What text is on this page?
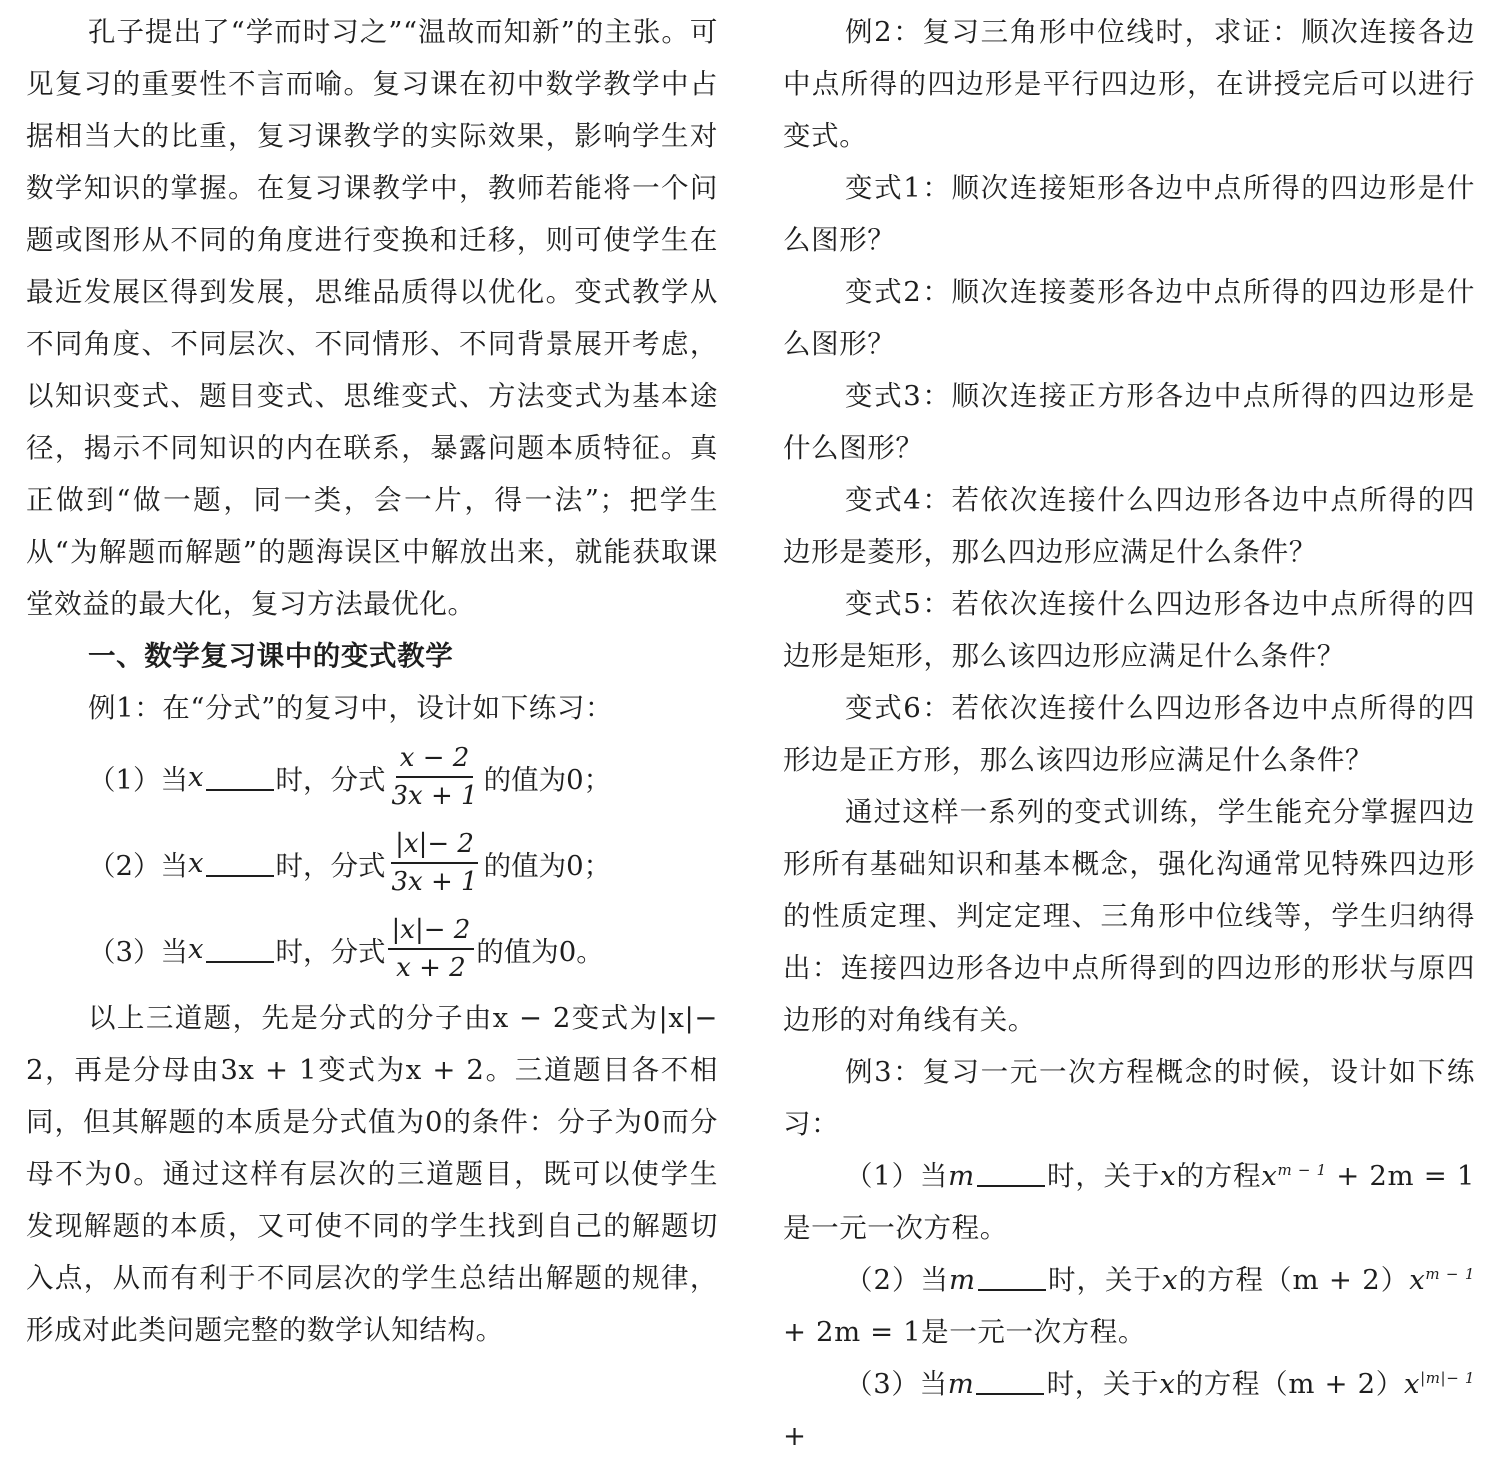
孔子提出了“学而时习之”“温故而知新”的主张。可见复习的重要性不言而喻。复习课在初中数学教学中占据相当大的比重，复习课教学的实际效果，影响学生对数学知识的掌握。在复习课教学中，教师若能将一个问题或图形从不同的角度进行变换和迁移，则可使学生在最近发展区得到发展，思维品质得以优化。变式教学从不同角度、不同层次、不同情形、不同背景展开考虑，以知识变式、题目变式、思维变式、方法变式为基本途径，揭示不同知识的内在联系，暴露问题本质特征。真正做到“做一题，同一类，会一片，得一法”；把学生从“为解题而解题”的题海误区中解放出来，就能获取课堂效益的最大化，复习方法最优化。

一、数学复习课中的变式教学

例1：在“分式”的复习中，设计如下练习：

（1）当 x	时，分式 $\frac{x - 2}{3x + 1}$ 的值为0；
（2）当 x	时，分式 $\frac{|x|- 2}{3x + 1}$ 的值为0；
（3）当 x	时，分式 $\frac{|x|- 2}{x + 2}$ 的值为0。

以上三道题，先是分式的分子由x − 2变式为|x|− 2，再是分母由3x + 1变式为x + 2。三道题目各不相同，但其解题的本质是分式值为0的条件：分子为0而分母不为0。通过这样有层次的三道题目，既可以使学生发现解题的本质，又可使不同的学生找到自己的解题切入点，从而有利于不同层次的学生总结出解题的规律，形成对此类问题完整的数学认知结构。

例2：复习三角形中位线时，求证：顺次连接各边中点所得的四边形是平行四边形，在讲授完后可以进行变式。

变式1：顺次连接矩形各边中点所得的四边形是什么图形？

变式2：顺次连接菱形各边中点所得的四边形是什么图形？

变式3：顺次连接正方形各边中点所得的四边形是什么图形？

变式4：若依次连接什么四边形各边中点所得的四边形是菱形，那么四边形应满足什么条件？

变式5：若依次连接什么四边形各边中点所得的四边形是矩形，那么该四边形应满足什么条件？

变式6：若依次连接什么四边形各边中点所得的四形边是正方形，那么该四边形应满足什么条件？

通过这样一系列的变式训练，学生能充分掌握四边形所有基础知识和基本概念，强化沟通常见特殊四边形的性质定理、判定定理、三角形中位线等，学生归纳得出：连接四边形各边中点所得到的四边形的形状与原四边形的对角线有关。

例3：复习一元一次方程概念的时候，设计如下练习：

（1）当m	时，关于x的方程$x^{m - 1} + 2m = 1$是一元一次方程。

（2）当m	时，关于x的方程$(m + 2)x^{m - 1} + 2m = 1$是一元一次方程。

（3）当m	时，关于x的方程$(m + 2)x^{|m|- 1}$ +
